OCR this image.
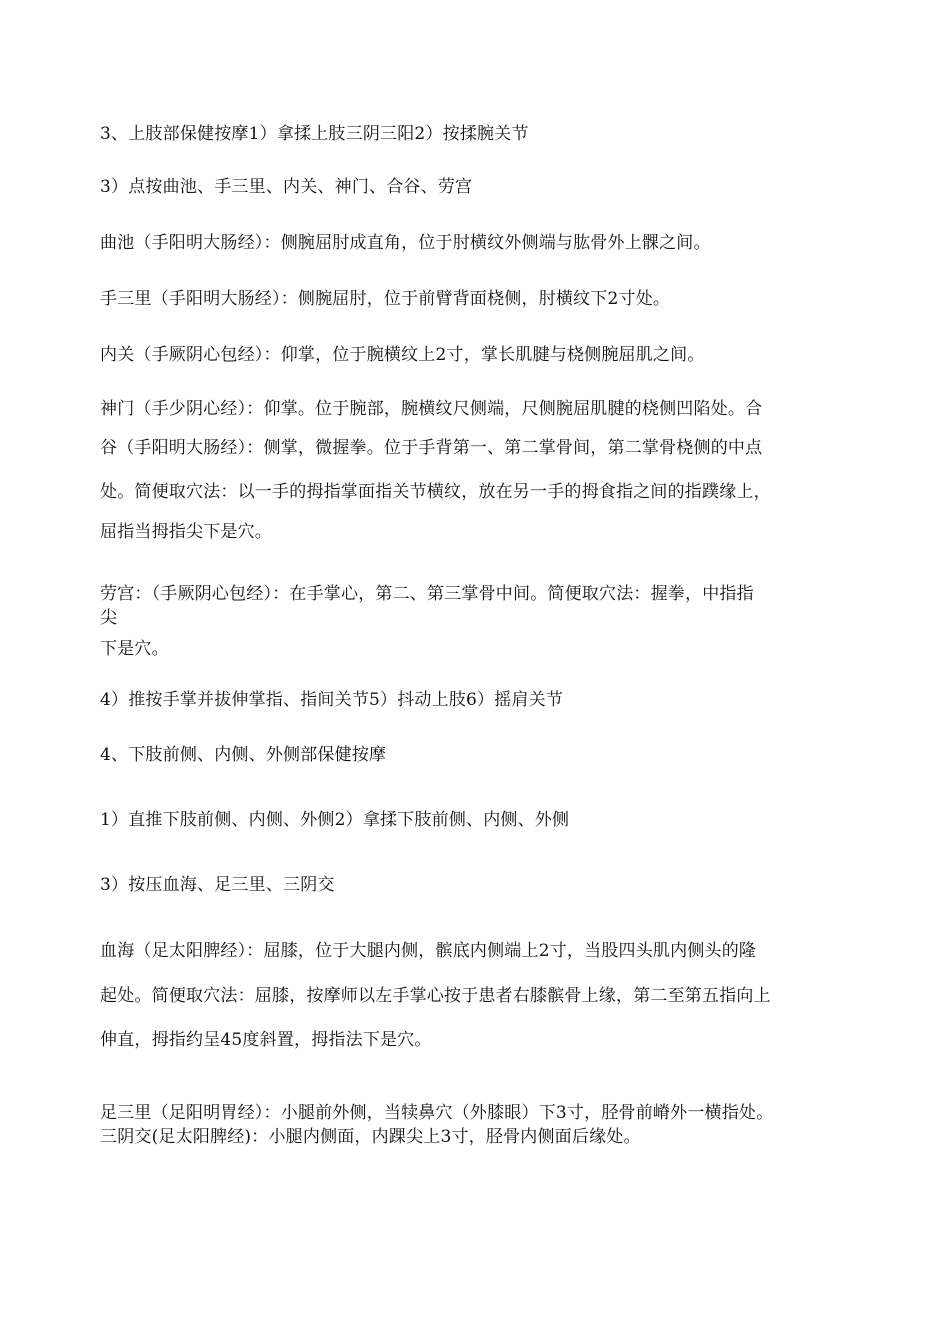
3、上肢部保健按摩1）拿揉上肢三阴三阳2）按揉腕关节
3）点按曲池、手三里、内关、神门、合谷、劳宫
曲池（手阳明大肠经）：侧腕屈肘成直角，位于肘横纹外侧端与肱骨外上髁之间。
手三里（手阳明大肠经）：侧腕屈肘，位于前臂背面桡侧，肘横纹下2寸处。
内关（手厥阴心包经）：仰掌，位于腕横纹上2寸，掌长肌腱与桡侧腕屈肌之间。
神门（手少阴心经）：仰掌。位于腕部，腕横纹尺侧端，尺侧腕屈肌腱的桡侧凹陷处。合
谷（手阳明大肠经）：侧掌，微握拳。位于手背第一、第二掌骨间，第二掌骨桡侧的中点
处。简便取穴法：以一手的拇指掌面指关节横纹，放在另一手的拇食指之间的指蹼缘上，
屈指当拇指尖下是穴。
劳宫：（手厥阴心包经）：在手掌心，第二、第三掌骨中间。简便取穴法：握拳，中指指
尖
下是穴。
4）推按手掌并拔伸掌指、指间关节5）抖动上肢6）摇肩关节
4、下肢前侧、内侧、外侧部保健按摩
1）直推下肢前侧、内侧、外侧2）拿揉下肢前侧、内侧、外侧
3）按压血海、足三里、三阴交
血海（足太阳脾经）：屈膝，位于大腿内侧，髌底内侧端上2寸，当股四头肌内侧头的隆
起处。简便取穴法：屈膝，按摩师以左手掌心按于患者右膝髌骨上缘，第二至第五指向上
伸直，拇指约呈45度斜置，拇指法下是穴。
足三里（足阳明胃经）：小腿前外侧，当犊鼻穴（外膝眼）下3寸，胫骨前嵴外一横指处。
三阴交(足太阳脾经)：小腿内侧面，内踝尖上3寸，胫骨内侧面后缘处。
